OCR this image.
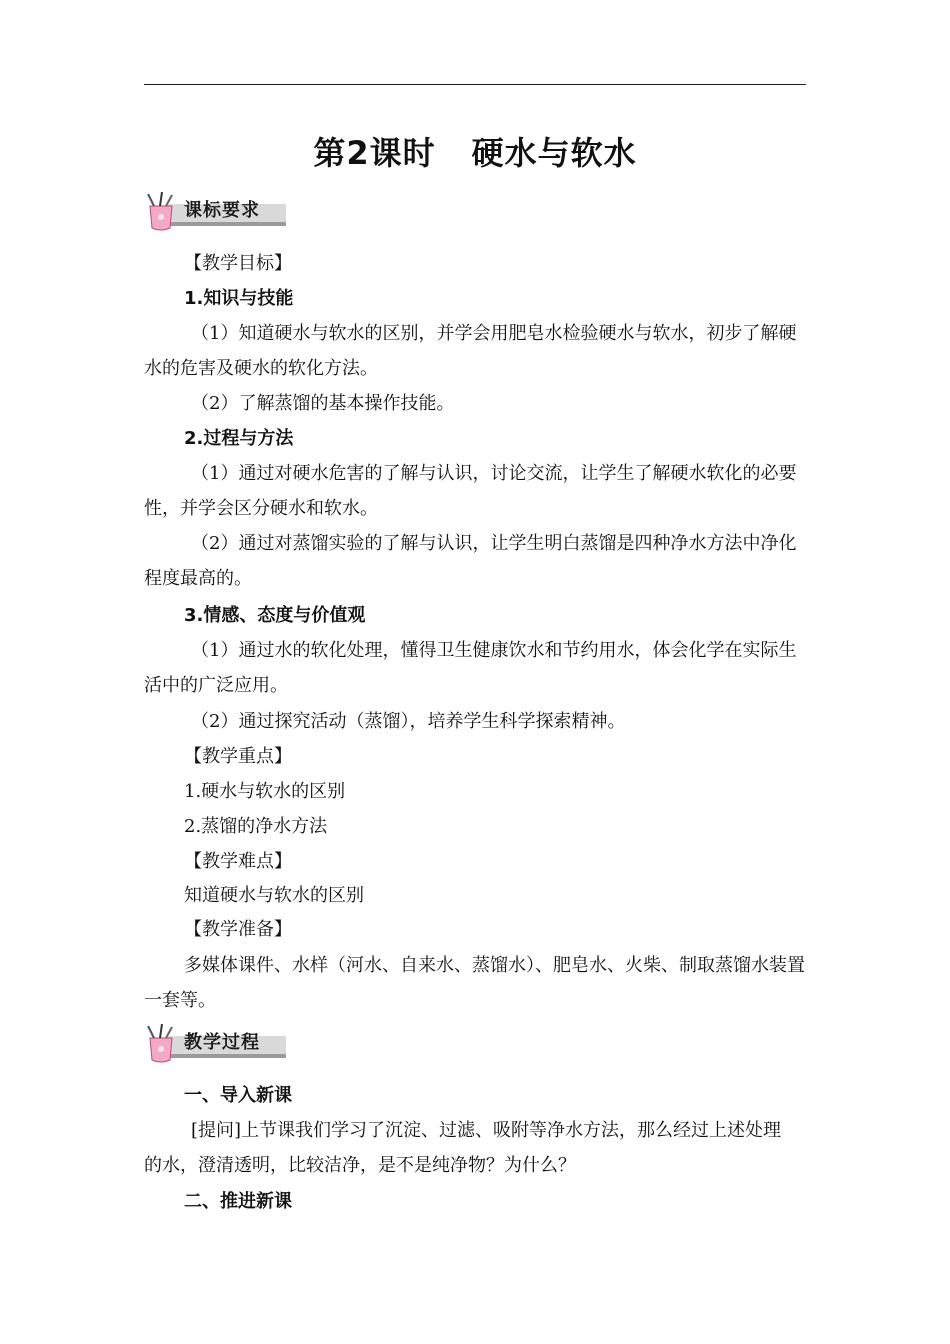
第2课时 硬水与软水
课标要求
【教学目标】
1.知识与技能
（1）知道硬水与软水的区别，并学会用肥皂水检验硬水与软水，初步了解硬
水的危害及硬水的软化方法。
（2）了解蒸馏的基本操作技能。
2.过程与方法
（1）通过对硬水危害的了解与认识，讨论交流，让学生了解硬水软化的必要
性，并学会区分硬水和软水。
（2）通过对蒸馏实验的了解与认识，让学生明白蒸馏是四种净水方法中净化
程度最高的。
3.情感、态度与价值观
（1）通过水的软化处理，懂得卫生健康饮水和节约用水，体会化学在实际生
活中的广泛应用。
（2）通过探究活动（蒸馏），培养学生科学探索精神。
【教学重点】
1.硬水与软水的区别
2.蒸馏的净水方法
【教学难点】
知道硬水与软水的区别
【教学准备】
多媒体课件、水样（河水、自来水、蒸馏水）、肥皂水、火柴、制取蒸馏水装置
一套等。
教学过程
一、导入新课
[提问]上节课我们学习了沉淀、过滤、吸附等净水方法，那么经过上述处理
的水，澄清透明，比较洁净，是不是纯净物？为什么？
二、推进新课
